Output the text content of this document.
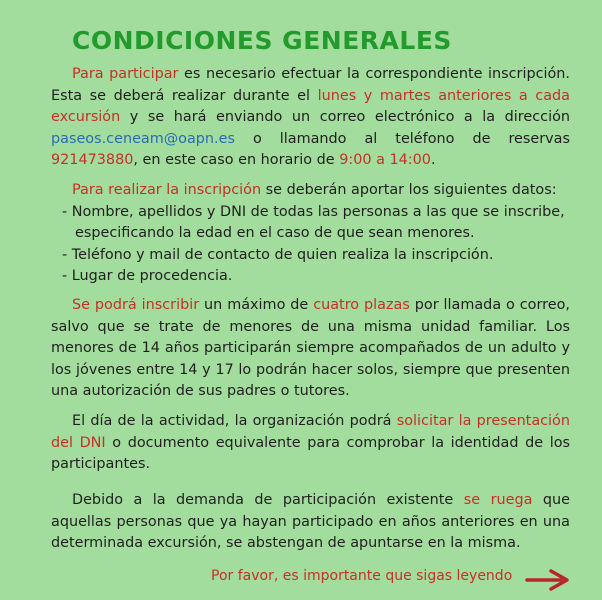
CONDICIONES GENERALES

Para participar es necesario efectuar la correspondiente inscripción. Esta se deberá realizar durante el lunes y martes anteriores a cada excursión y se hará enviando un correo electrónico a la dirección paseos.ceneam@oapn.es o llamando al teléfono de reservas 921473880, en este caso en horario de 9:00 a 14:00.

Para realizar la inscripción se deberán aportar los siguientes datos:
- Nombre, apellidos y DNI de todas las personas a las que se inscribe, especificando la edad en el caso de que sean menores.
- Teléfono y mail de contacto de quien realiza la inscripción.
- Lugar de procedencia.

Se podrá inscribir un máximo de cuatro plazas por llamada o correo, salvo que se trate de menores de una misma unidad familiar. Los menores de 14 años participarán siempre acompañados de un adulto y los jóvenes entre 14 y 17 lo podrán hacer solos, siempre que presenten una autorización de sus padres o tutores.

El día de la actividad, la organización podrá solicitar la presentación del DNI o documento equivalente para comprobar la identidad de los participantes.

Debido a la demanda de participación existente se ruega que aquellas personas que ya hayan participado en años anteriores en una determinada excursión, se abstengan de apuntarse en la misma.

Por favor, es importante que sigas leyendo
